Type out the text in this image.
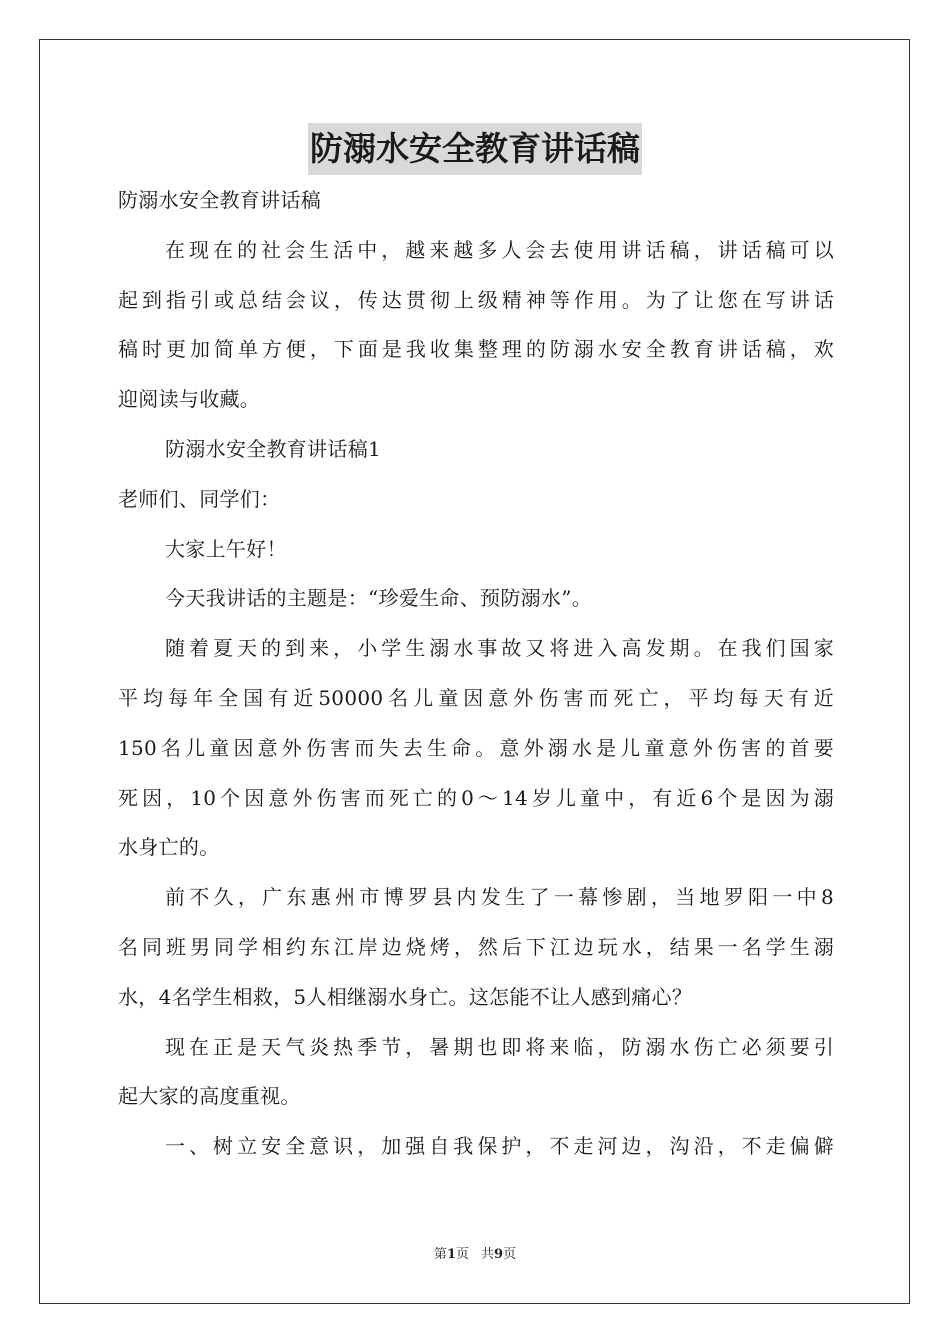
防溺水安全教育讲话稿
防溺水安全教育讲话稿
在现在的社会生活中，越来越多人会去使用讲话稿，讲话稿可以
起到指引或总结会议，传达贯彻上级精神等作用。为了让您在写讲话
稿时更加简单方便，下面是我收集整理的防溺水安全教育讲话稿，欢
迎阅读与收藏。
防溺水安全教育讲话稿1
老师们、同学们：
大家上午好！
今天我讲话的主题是：“珍爱生命、预防溺水”。
随着夏天的到来，小学生溺水事故又将进入高发期。在我们国家
平均每年全国有近50000名儿童因意外伤害而死亡，平均每天有近
150名儿童因意外伤害而失去生命。意外溺水是儿童意外伤害的首要
死因，10个因意外伤害而死亡的0～14岁儿童中，有近6个是因为溺
水身亡的。
前不久，广东惠州市博罗县内发生了一幕惨剧，当地罗阳一中8
名同班男同学相约东江岸边烧烤，然后下江边玩水，结果一名学生溺
水，4名学生相救，5人相继溺水身亡。这怎能不让人感到痛心？
现在正是天气炎热季节，暑期也即将来临，防溺水伤亡必须要引
起大家的高度重视。
一、树立安全意识，加强自我保护，不走河边，沟沿，不走偏僻
第1页 共9页
